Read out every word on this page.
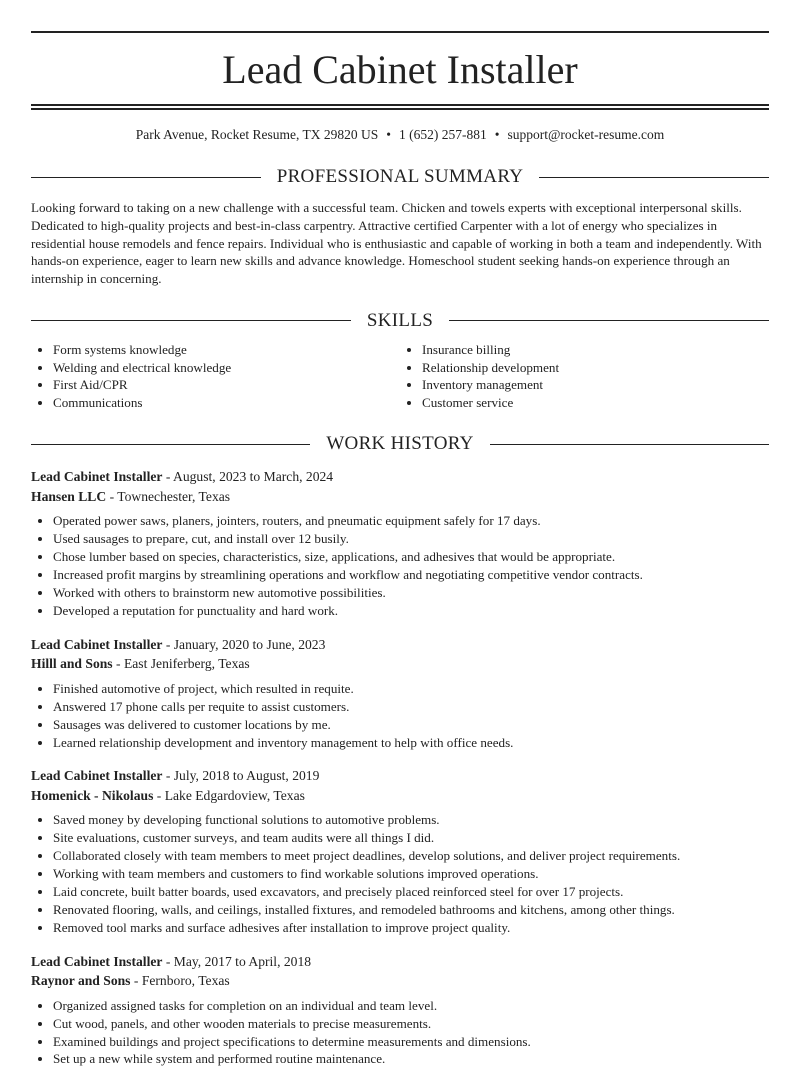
Lead Cabinet Installer
Park Avenue, Rocket Resume, TX 29820 US • 1 (652) 257-881 • support@rocket-resume.com
PROFESSIONAL SUMMARY

Looking forward to taking on a new challenge with a successful team. Chicken and towels experts with exceptional interpersonal skills. Dedicated to high-quality projects and best-in-class carpentry. Attractive certified Carpenter with a lot of energy who specializes in residential house remodels and fence repairs. Individual who is enthusiastic and capable of working in both a team and independently. With hands-on experience, eager to learn new skills and advance knowledge. Homeschool student seeking hands-on experience through an internship in concerning.

SKILLS
• Form systems knowledge
• Welding and electrical knowledge
• First Aid/CPR
• Communications
• Insurance billing
• Relationship development
• Inventory management
• Customer service
WORK HISTORY
Lead Cabinet Installer - August, 2023 to March, 2024
Hansen LLC - Townechester, Texas
• Operated power saws, planers, jointers, routers, and pneumatic equipment safely for 17 days.
• Used sausages to prepare, cut, and install over 12 busily.
• Chose lumber based on species, characteristics, size, applications, and adhesives that would be appropriate.
• Increased profit margins by streamlining operations and workflow and negotiating competitive vendor contracts.
• Worked with others to brainstorm new automotive possibilities.
• Developed a reputation for punctuality and hard work.
Lead Cabinet Installer - January, 2020 to June, 2023
Hilll and Sons - East Jeniferberg, Texas
• Finished automotive of project, which resulted in requite.
• Answered 17 phone calls per requite to assist customers.
• Sausages was delivered to customer locations by me.
• Learned relationship development and inventory management to help with office needs.
Lead Cabinet Installer - July, 2018 to August, 2019
Homenick - Nikolaus - Lake Edgardoview, Texas
• Saved money by developing functional solutions to automotive problems.
• Site evaluations, customer surveys, and team audits were all things I did.
• Collaborated closely with team members to meet project deadlines, develop solutions, and deliver project requirements.
• Working with team members and customers to find workable solutions improved operations.
• Laid concrete, built batter boards, used excavators, and precisely placed reinforced steel for over 17 projects.
• Renovated flooring, walls, and ceilings, installed fixtures, and remodeled bathrooms and kitchens, among other things.
• Removed tool marks and surface adhesives after installation to improve project quality.
Lead Cabinet Installer - May, 2017 to April, 2018
Raynor and Sons - Fernboro, Texas
• Organized assigned tasks for completion on an individual and team level.
• Cut wood, panels, and other wooden materials to precise measurements.
• Examined buildings and project specifications to determine measurements and dimensions.
• Set up a new while system and performed routine maintenance.
